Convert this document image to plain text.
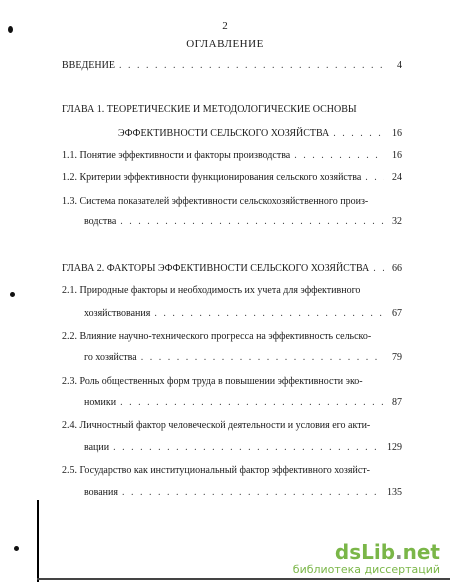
2
ОГЛАВЛЕНИЕ
ВВЕДЕНИЕ . . .	4
ГЛАВА 1. ТЕОРЕТИЧЕСКИЕ И МЕТОДОЛОГИЧЕСКИЕ ОСНОВЫ
ЭФФЕКТИВНОСТИ СЕЛЬСКОГО ХОЗЯЙСТВА . . .	16
1.1. Понятие эффективности и факторы производства . . .	16
1.2. Критерии эффективности функционирования сельского хозяйства . . .	24
1.3. Система показателей эффективности сельскохозяйственного произ-
водства . . .	32
ГЛАВА 2. ФАКТОРЫ ЭФФЕКТИВНОСТИ СЕЛЬСКОГО ХОЗЯЙСТВА . . .	66
2.1. Природные факторы и необходимость их учета для эффективного
хозяйствования . . .	67
2.2. Влияние научно-технического прогресса на эффективность сельско-
го хозяйства . . .	79
2.3. Роль общественных форм труда в повышении эффективности эко-
номики . . .	87
2.4. Личностный фактор человеческой деятельности и условия его акти-
вации . . .	129
2.5. Государство как институциональный фактор эффективного хозяйст-
вования . . .	135
dsLib.net
библиотека диссертаций
